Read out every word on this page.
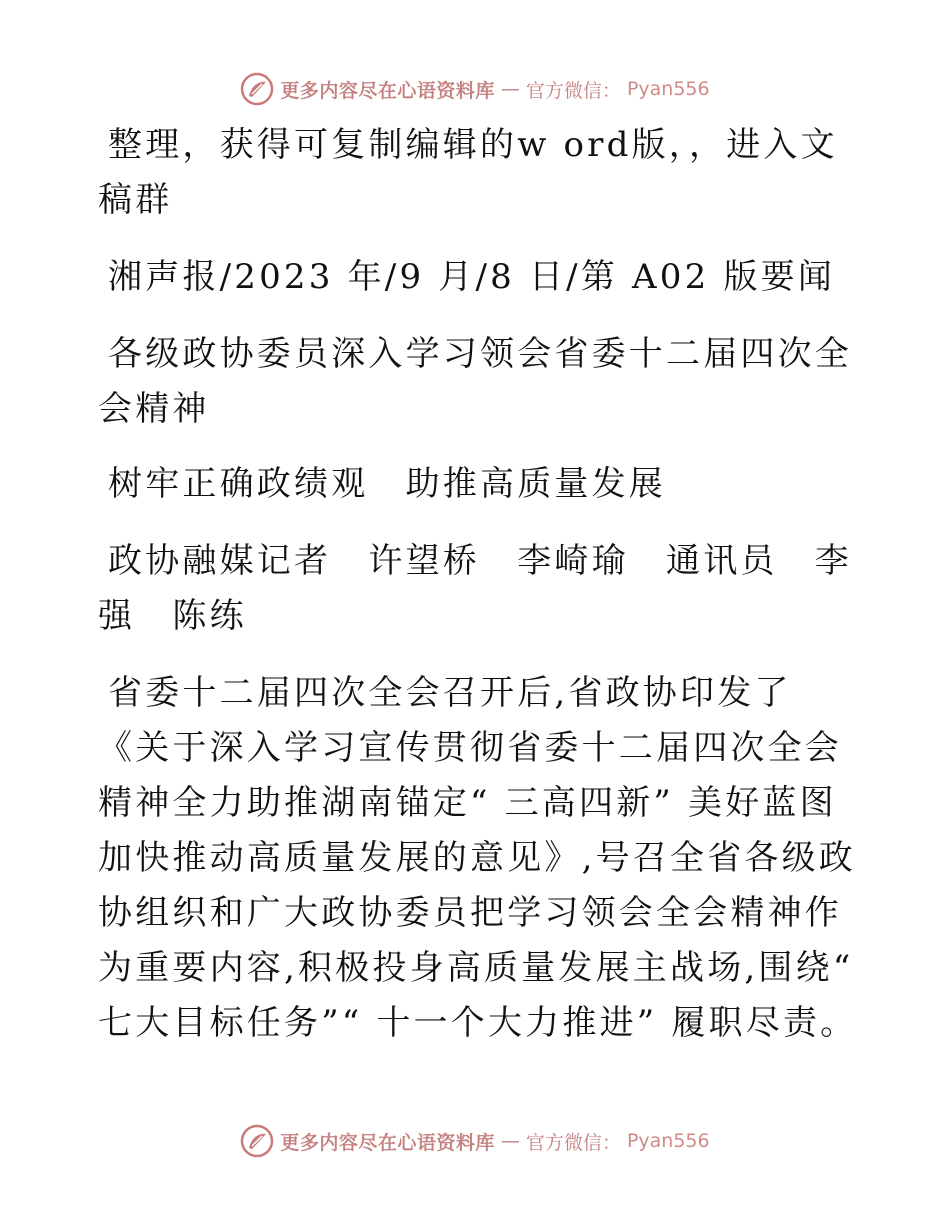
更多内容尽在心语资料库 — 官方微信： Pyan556

整理，获得可复制编辑的w ord版，，进入文稿群

湘声报/2023 年/9 月/8 日/第 A02 版要闻

各级政协委员深入学习领会省委十二届四次全会精神

树牢正确政绩观　助推高质量发展

政协融媒记者　许望桥　李崎瑜　通讯员　李强　陈练

省委十二届四次全会召开后,省政协印发了 《关于深入学习宣传贯彻省委十二届四次全会精神全力助推湖南锚定“ 三高四新” 美好蓝图加快推动高质量发展的意见》,号召全省各级政协组织和广大政协委员把学习领会全会精神作为重要内容,积极投身高质量发展主战场,围绕“ 七大目标任务”“ 十一个大力推进” 履职尽责。

更多内容尽在心语资料库 — 官方微信： Pyan556
